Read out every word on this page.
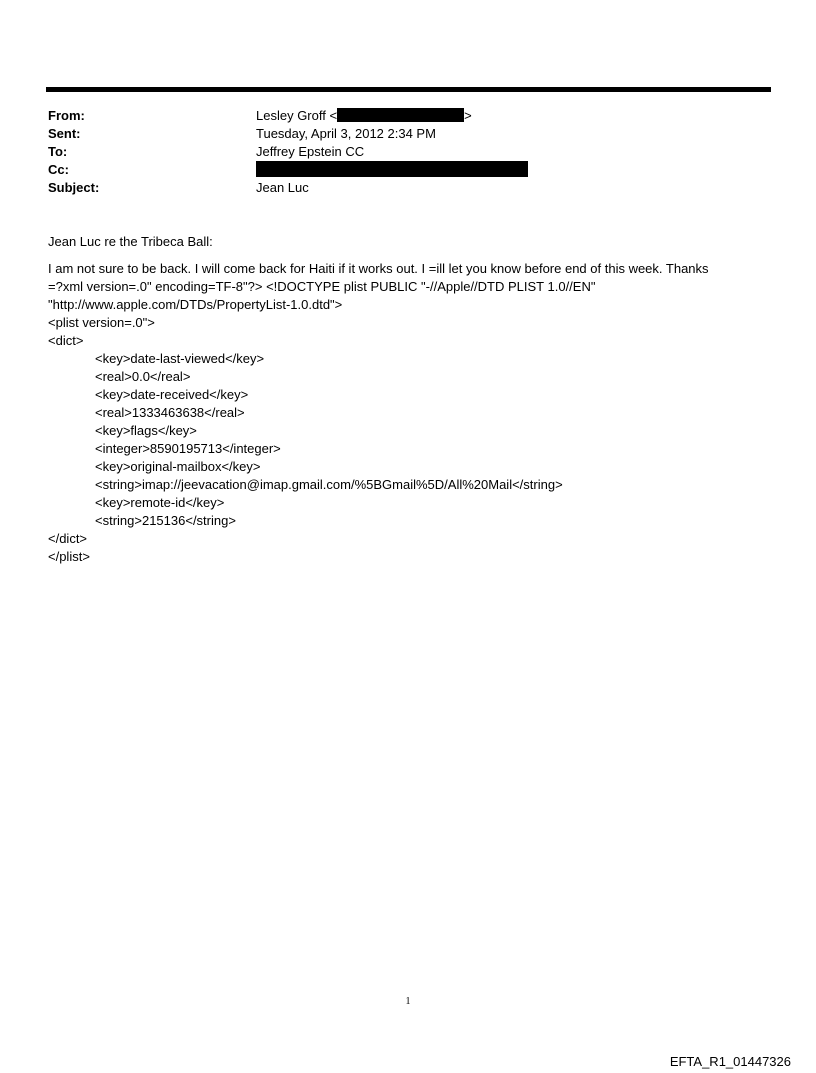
From:	Lesley Groff <	>
Sent:	Tuesday, April 3, 2012 2:34 PM
To:	Jeffrey Epstein CC
Cc:
Subject:	Jean Luc
Jean Luc re the Tribeca Ball:
I am not sure to be back. I will come back for Haiti if it works out. I =ill let you know before end of this week. Thanks
=?xml version=.0" encoding=TF-8"?> <!DOCTYPE plist PUBLIC "-//Apple//DTD PLIST 1.0//EN"
"http://www.apple.com/DTDs/PropertyList-1.0.dtd">
<plist version=.0">
<dict>
<key>date-last-viewed</key>
<real>0.0</real>
<key>date-received</key>
<real>1333463638</real>
<key>flags</key>
<integer>8590195713</integer>
<key>original-mailbox</key>
<string>imap://jeevacation@imap.gmail.com/%5BGmail%5D/All%20Mail</string>
<key>remote-id</key>
<string>215136</string>
</dict>
</plist>
1
EFTA_R1_01447326
